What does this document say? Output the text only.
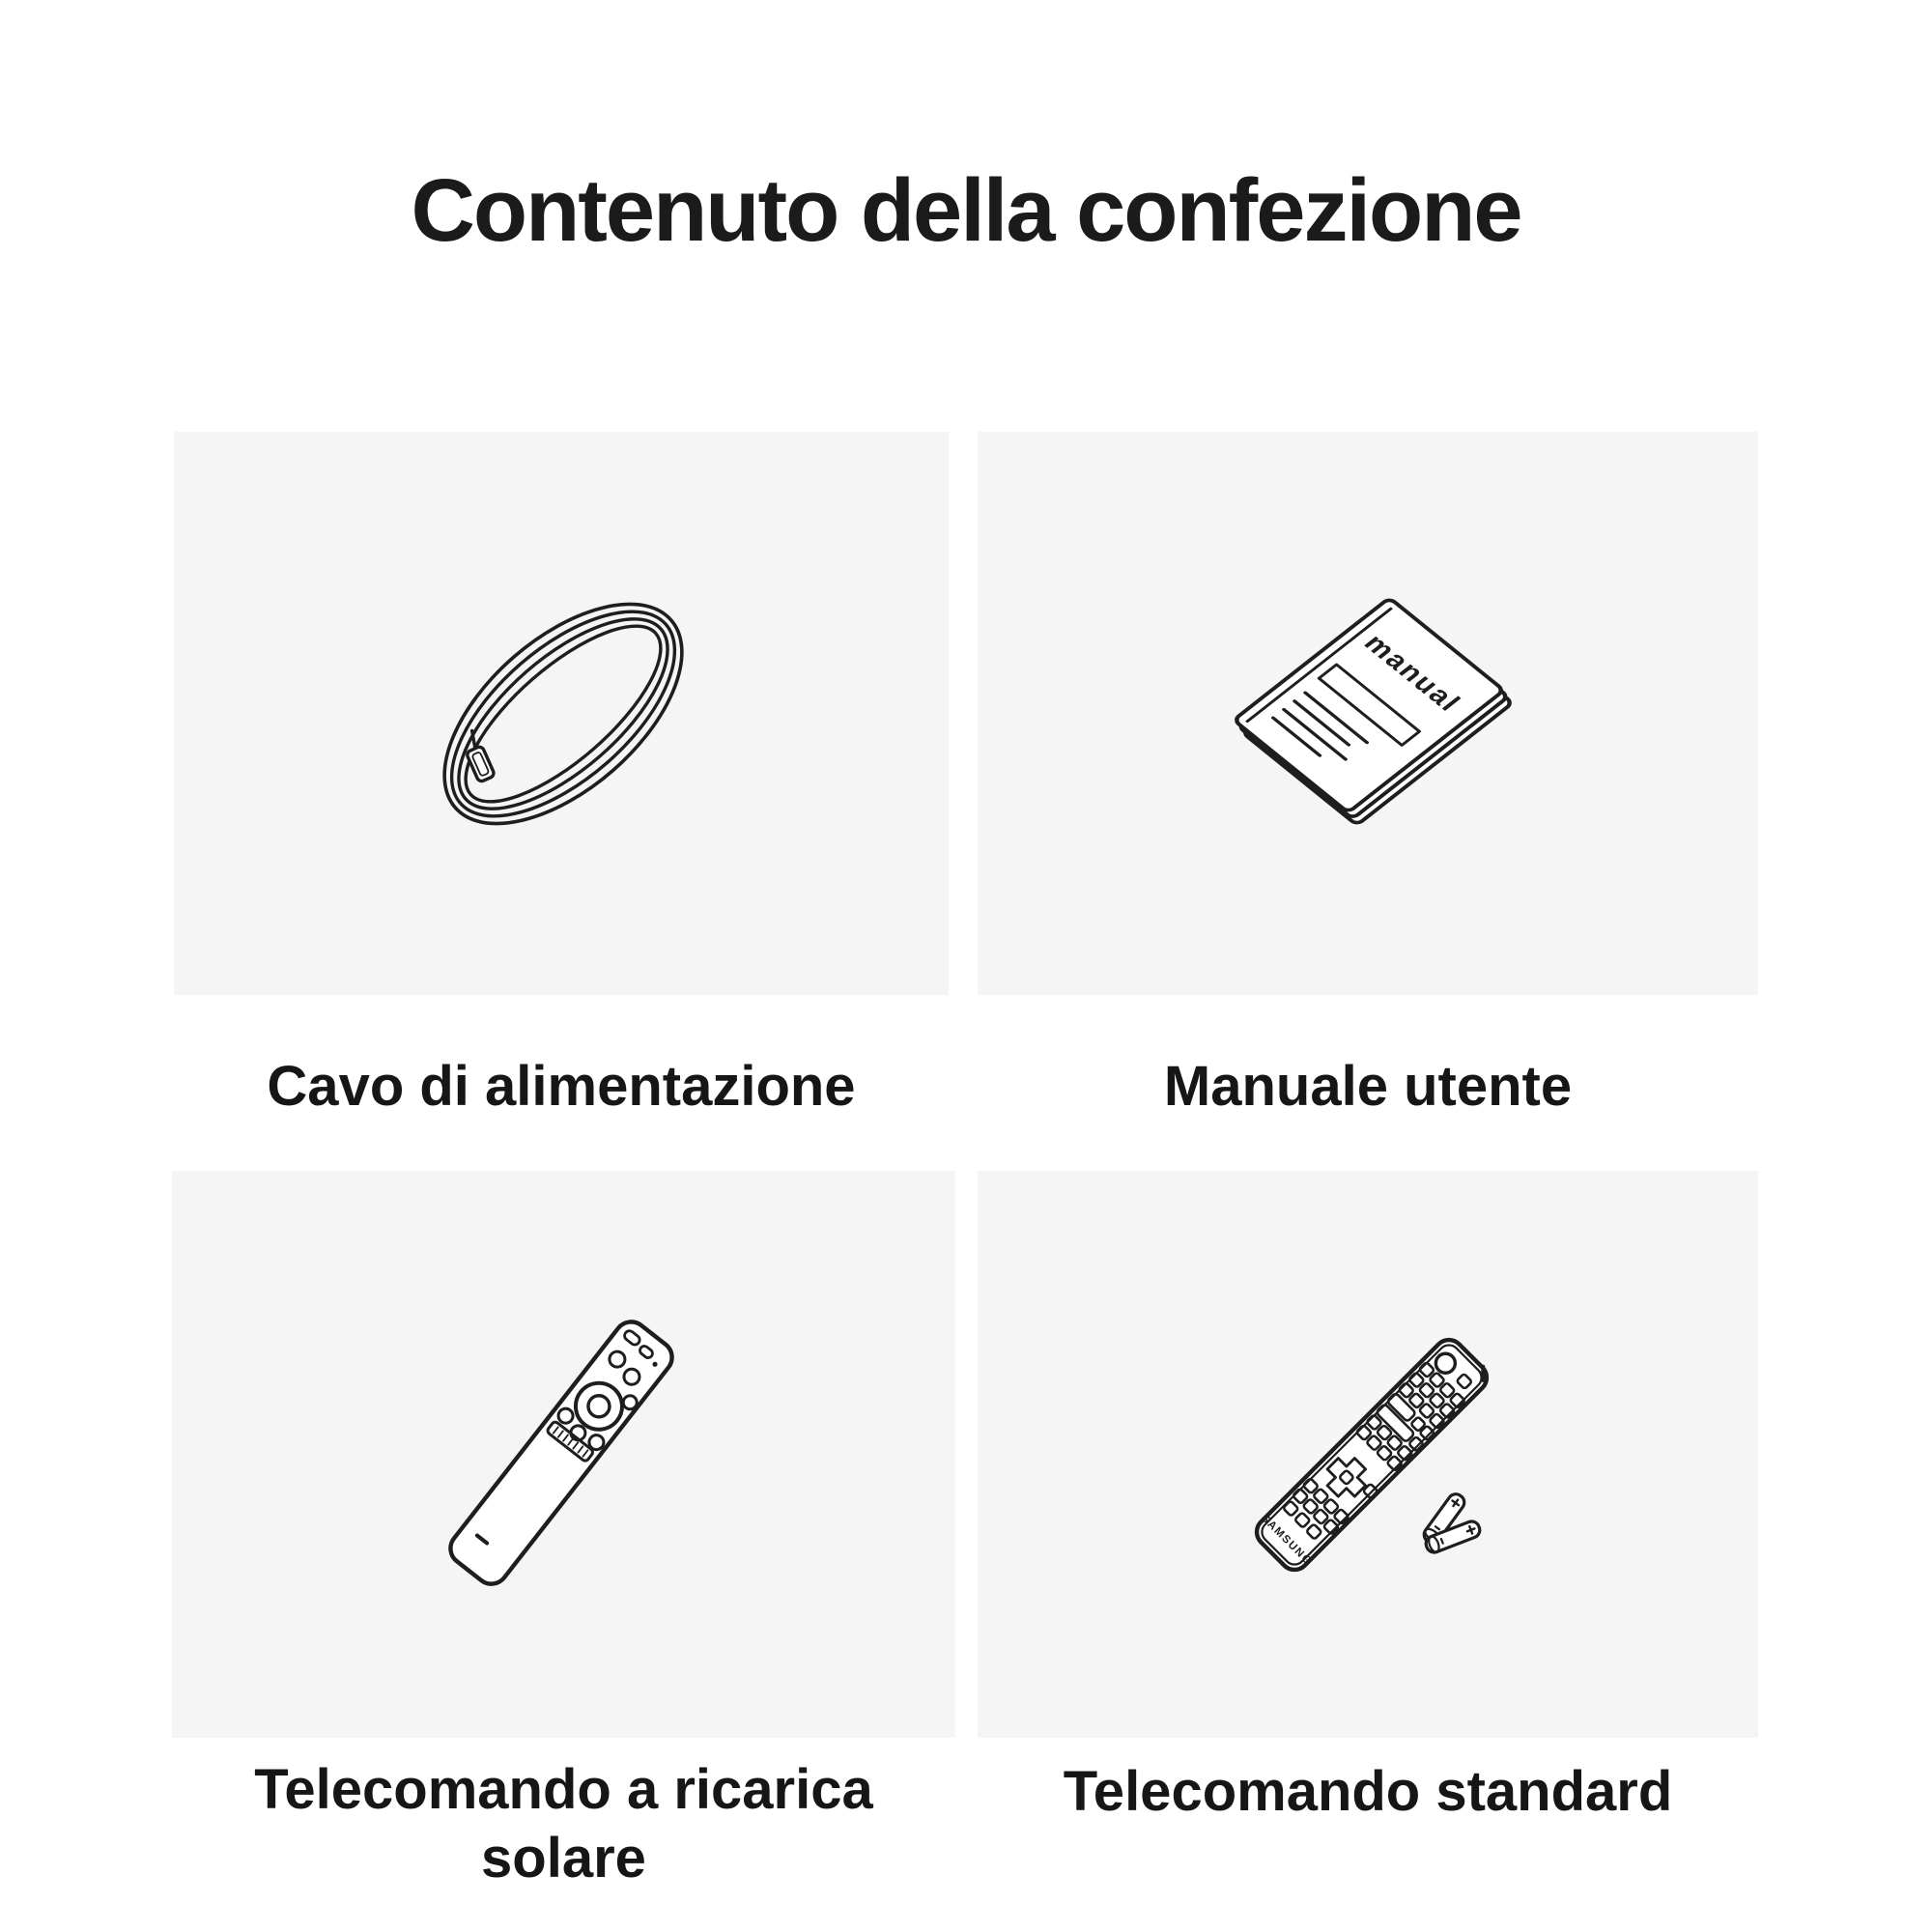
Contenuto della confezione
manual
SAMSUNG
Cavo di alimentazione	Manuale utente
Telecomando a ricarica solare
Telecomando standard
